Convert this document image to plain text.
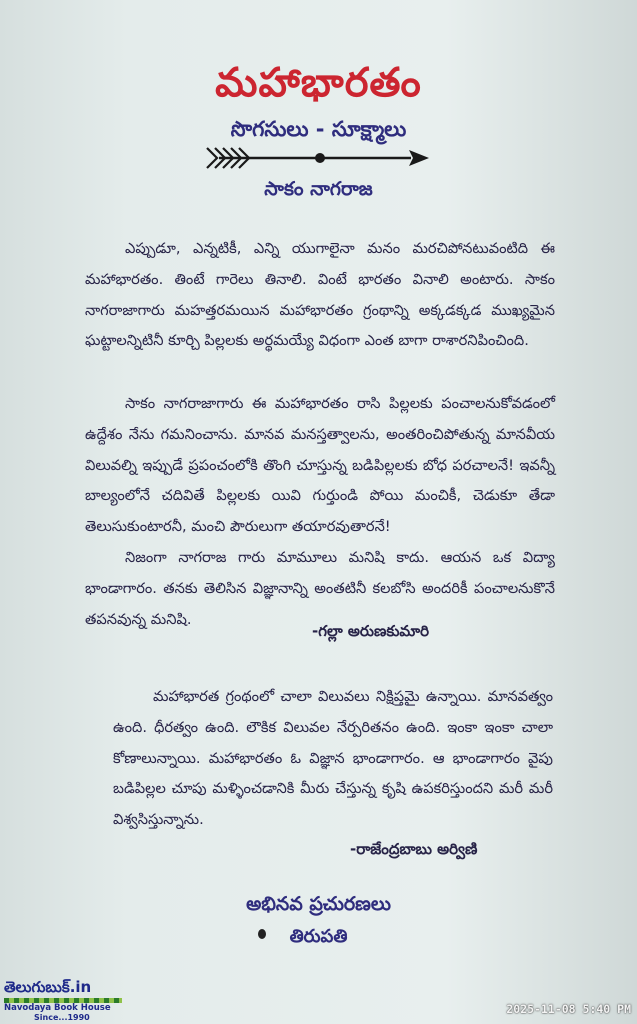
మహాభారతం
సొగసులు - సూక్ష్మాలు
సాకం నాగరాజ

ఎప్పుడూ, ఎన్నటికీ, ఎన్ని యుగాలైనా మనం మరచిపోనటువంటిది ఈ మహాభారతం. తింటే గారెలు తినాలి. వింటే భారతం వినాలి అంటారు. సాకం నాగరాజాగారు మహత్తరమయిన మహాభారతం గ్రంథాన్ని అక్కడక్కడ ముఖ్యమైన ఘట్టాలన్నిటినీ కూర్చి పిల్లలకు అర్థమయ్యే విధంగా ఎంత బాగా రాశారనిపించింది.

సాకం నాగరాజాగారు ఈ మహాభారతం రాసి పిల్లలకు పంచాలనుకోవడంలో ఉద్దేశం నేను గమనించాను. మానవ మనస్తత్వాలను, అంతరించిపోతున్న మానవీయ విలువల్ని ఇప్పుడే ప్రపంచంలోకి తొంగి చూస్తున్న బడిపిల్లలకు బోధ పరచాలనే! ఇవన్నీ బాల్యంలోనే చదివితే పిల్లలకు యివి గుర్తుండి పోయి మంచికీ, చెడుకూ తేడా తెలుసుకుంటారనీ, మంచి పౌరులుగా తయారవుతారనే!

నిజంగా నాగరాజ గారు మామూలు మనిషి కాదు. ఆయన ఒక విద్యా భాండాగారం. తనకు తెలిసిన విజ్ఞానాన్ని అంతటినీ కలబోసి అందరికీ పంచాలనుకొనే తపనవున్న మనిషి.

-గల్లా అరుణకుమారి

మహాభారత గ్రంథంలో చాలా విలువలు నిక్షిప్తమై ఉన్నాయి. మానవత్వం ఉంది. ధీరత్వం ఉంది. లౌకిక విలువల నేర్పరితనం ఉంది. ఇంకా ఇంకా చాలా కోణాలున్నాయి. మహాభారతం ఓ విజ్ఞాన భాండాగారం. ఆ భాండాగారం వైపు బడిపిల్లల చూపు మళ్ళించడానికి మీరు చేస్తున్న కృషి ఉపకరిస్తుందని మరీ మరీ విశ్వసిస్తున్నాను.

-రాజేంద్రబాబు అర్విణి
అభినవ ప్రచురణలు
తిరుపతి
తెలుగుబుక్.in
Navodaya Book House
Since...1990
2025-11-08 5:40 PM
